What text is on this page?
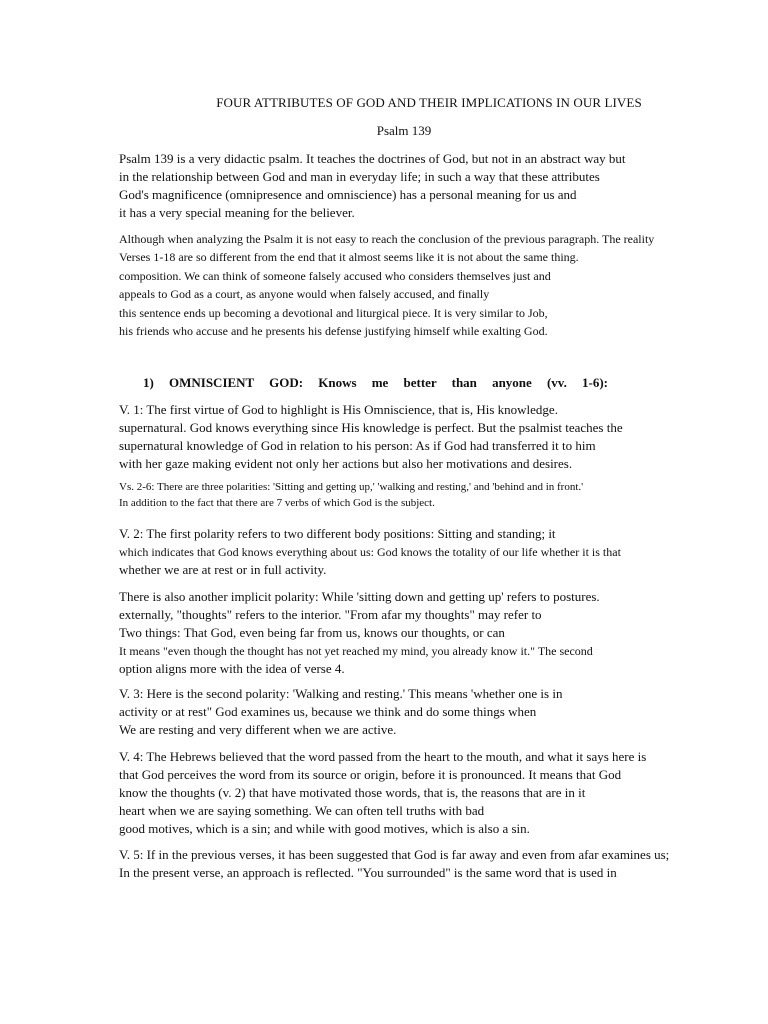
FOUR ATTRIBUTES OF GOD AND THEIR IMPLICATIONS IN OUR LIVES
Psalm 139

Psalm 139 is a very didactic psalm. It teaches the doctrines of God, but not in an abstract way but
in the relationship between God and man in everyday life; in such a way that these attributes
God's magnificence (omnipresence and omniscience) has a personal meaning for us and
it has a very special meaning for the believer.

Although when analyzing the Psalm it is not easy to reach the conclusion of the previous paragraph. The reality
Verses 1-18 are so different from the end that it almost seems like it is not about the same thing.
composition. We can think of someone falsely accused who considers themselves just and
appeals to God as a court, as anyone would when falsely accused, and finally
this sentence ends up becoming a devotional and liturgical piece. It is very similar to Job,
his friends who accuse and he presents his defense justifying himself while exalting God.

1) OMNISCIENT GOD: Knows me better than anyone (vv. 1-6):

V. 1: The first virtue of God to highlight is His Omniscience, that is, His knowledge.
supernatural. God knows everything since His knowledge is perfect. But the psalmist teaches the
supernatural knowledge of God in relation to his person: As if God had transferred it to him
with her gaze making evident not only her actions but also her motivations and desires.

Vs. 2-6: There are three polarities: 'Sitting and getting up,' 'walking and resting,' and 'behind and in front.'
In addition to the fact that there are 7 verbs of which God is the subject.

V. 2: The first polarity refers to two different body positions: Sitting and standing; it
which indicates that God knows everything about us: God knows the totality of our life whether it is that
whether we are at rest or in full activity.

There is also another implicit polarity: While 'sitting down and getting up' refers to postures.
externally, "thoughts" refers to the interior. "From afar my thoughts" may refer to
Two things: That God, even being far from us, knows our thoughts, or can
It means "even though the thought has not yet reached my mind, you already know it." The second
option aligns more with the idea of verse 4.

V. 3: Here is the second polarity: 'Walking and resting.' This means 'whether one is in
activity or at rest" God examines us, because we think and do some things when
We are resting and very different when we are active.

V. 4: The Hebrews believed that the word passed from the heart to the mouth, and what it says here is
that God perceives the word from its source or origin, before it is pronounced. It means that God
know the thoughts (v. 2) that have motivated those words, that is, the reasons that are in it
heart when we are saying something. We can often tell truths with bad
good motives, which is a sin; and while with good motives, which is also a sin.

V. 5: If in the previous verses, it has been suggested that God is far away and even from afar examines us;
In the present verse, an approach is reflected. "You surrounded" is the same word that is used in
